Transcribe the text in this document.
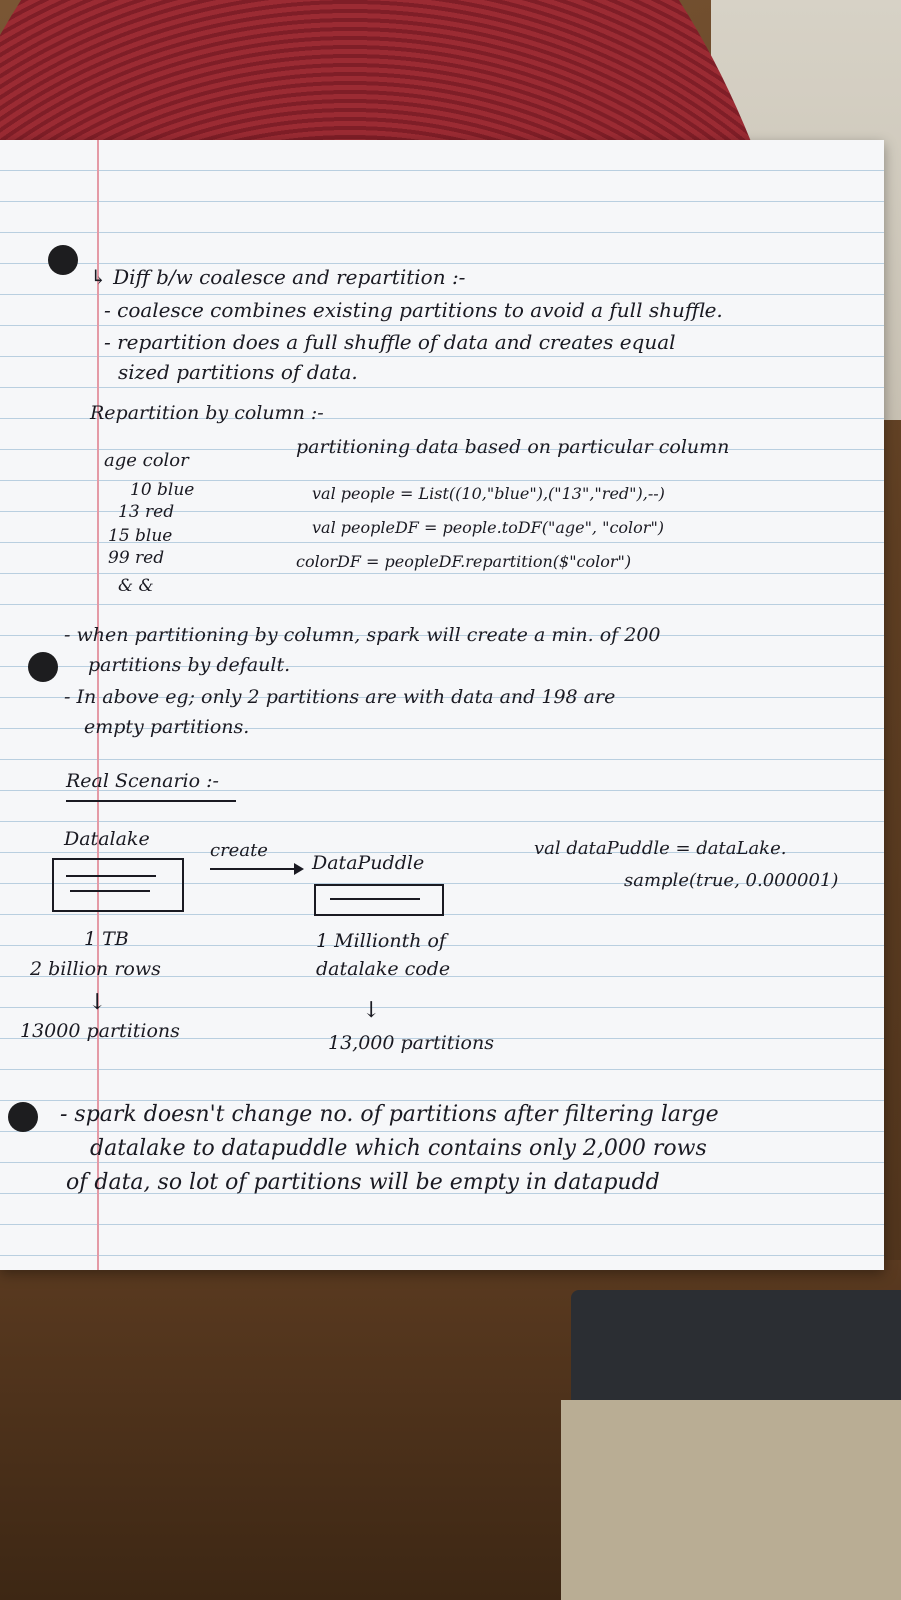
↳ Diff b/w coalesce and repartition :-

- coalesce combines existing partitions to avoid a full shuffle.

- repartition does a full shuffle of data and creates equal

sized partitions of data.

Repartition by column :-

age color

10 blue

13 red

15 blue

99 red

& &

partitioning data based on particular column

val people = List((10,"blue"),("13","red"),--)

val peopleDF = people.toDF("age", "color")

colorDF = peopleDF.repartition($"color")

- when partitioning by column, spark will create a min. of 200

partitions by default.

- In above eg; only 2 partitions are with data and 198 are

empty partitions.

Real Scenario :-

Datalake

create

DataPuddle

val dataPuddle = dataLake.

sample(true, 0.000001)

1 TB

2 billion rows

↓

13000 partitions

1 Millionth of

datalake code

↓

13,000 partitions

- spark doesn't change no. of partitions after filtering large

datalake to datapuddle which contains only 2,000 rows

of data, so lot of partitions will be empty in datapudd
